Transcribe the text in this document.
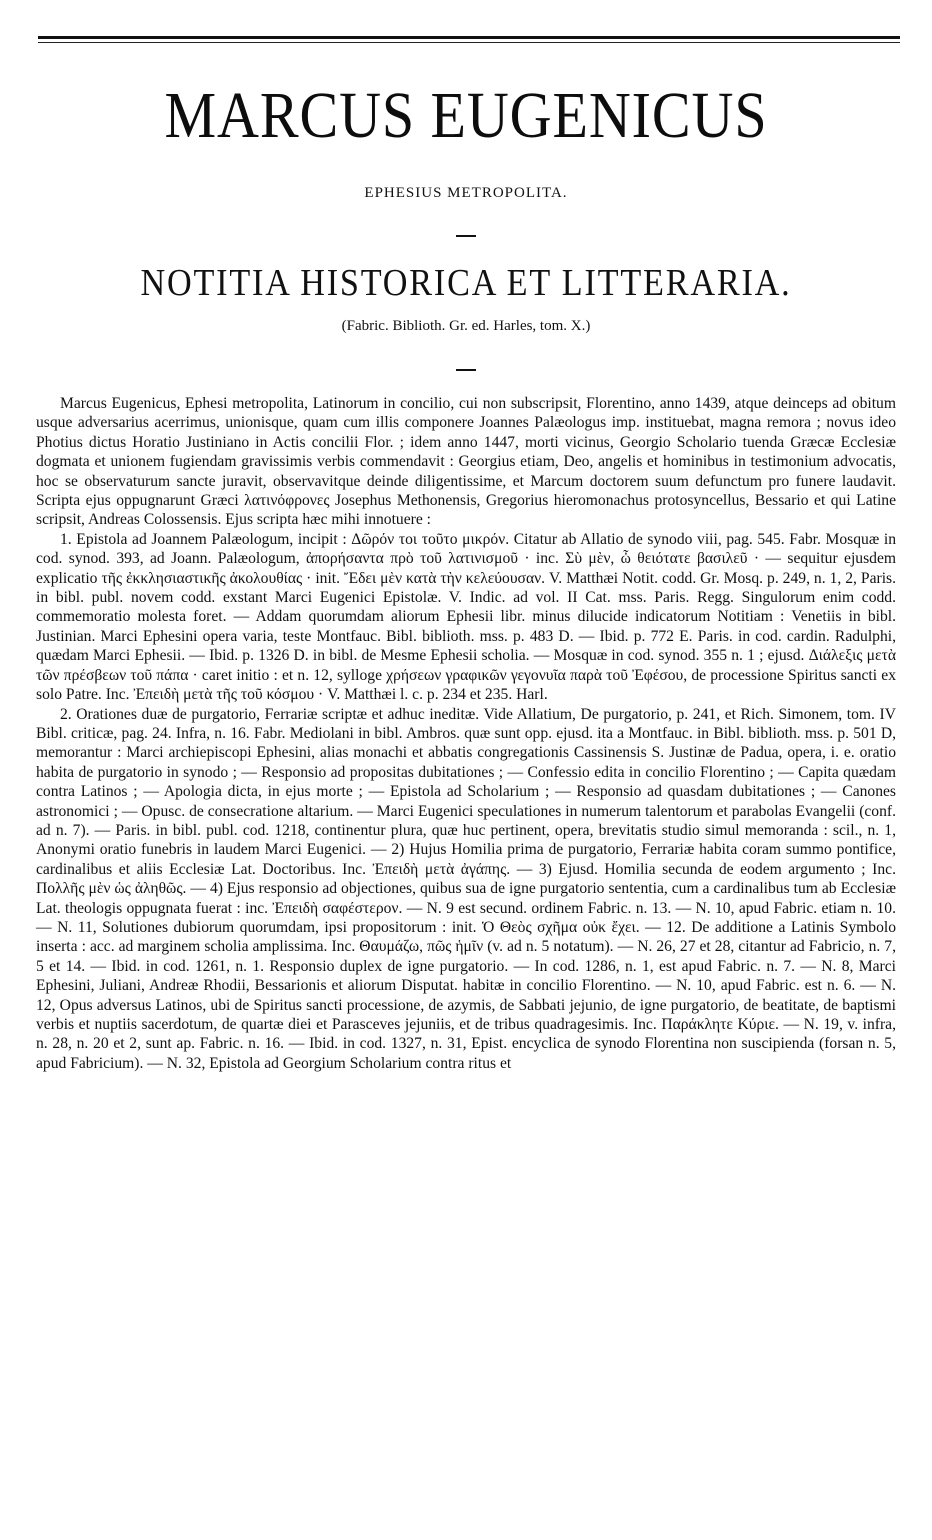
MARCUS EUGENICUS
EPHESIUS METROPOLITA.
NOTITIA HISTORICA ET LITTERARIA.
(Fabric. Biblioth. Gr. ed. Harles, tom. X.)

Marcus Eugenicus, Ephesi metropolita, Latinorum in concilio, cui non subscripsit, Florentino, anno 1439, atque deinceps ad obitum usque adversarius acerrimus, unionisque, quam cum illis componere Joannes Palæologus imp. instituebat, magna remora ; novus ideo Photius dictus Horatio Justiniano in Actis concilii Flor. ; idem anno 1447, morti vicinus, Georgio Scholario tuenda Græcæ Ecclesiæ dogmata et unionem fugiendam gravissimis verbis commendavit : Georgius etiam, Deo, angelis et hominibus in testimonium advocatis, hoc se observaturum sancte juravit, observavitque deinde diligentissime, et Marcum doctorem suum defunctum pro funere laudavit. Scripta ejus oppugnarunt Græci λατινόφρονες Josephus Methonensis, Gregorius hieromonachus protosyncellus, Bessario et qui Latine scripsit, Andreas Colossensis. Ejus scripta hæc mihi innotuere :

1. Epistola ad Joannem Palæologum, incipit : Δῶρόν τοι τοῦτο μικρόν. Citatur ab Allatio de synodo viii, pag. 545. Fabr. Mosquæ in cod. synod. 393, ad Joann. Palæologum, ἀπορήσαντα πρὸ τοῦ λατινισμοῦ · inc. Σὺ μὲν, ὦ θειότατε βασιλεῦ · — sequitur ejusdem explicatio τῆς ἐκκλησιαστικῆς ἀκολουθίας · init. Ἔδει μὲν κατὰ τὴν κελεύουσαν. V. Matthæi Notit. codd. Gr. Mosq. p. 249, n. 1, 2, Paris. in bibl. publ. novem codd. exstant Marci Eugenici Epistolæ. V. Indic. ad vol. II Cat. mss. Paris. Regg. Singulorum enim codd. commemoratio molesta foret. — Addam quorumdam aliorum Ephesii libr. minus dilucide indicatorum Notitiam : Venetiis in bibl. Justinian. Marci Ephesini opera varia, teste Montfauc. Bibl. biblioth. mss. p. 483 D. — Ibid. p. 772 E. Paris. in cod. cardin. Radulphi, quædam Marci Ephesii. — Ibid. p. 1326 D. in bibl. de Mesme Ephesii scholia. — Mosquæ in cod. synod. 355 n. 1 ; ejusd. Διάλεξις μετὰ τῶν πρέσβεων τοῦ πάπα · caret initio : et n. 12, sylloge χρήσεων γραφικῶν γεγονυῖα παρὰ τοῦ Ἐφέσου, de processione Spiritus sancti ex solo Patre. Inc. Ἐπειδὴ μετὰ τῆς τοῦ κόσμου · V. Matthæi l. c. p. 234 et 235. Harl.

2. Orationes duæ de purgatorio, Ferrariæ scriptæ et adhuc ineditæ. Vide Allatium, De purgatorio, p. 241, et Rich. Simonem, tom. IV Bibl. criticæ, pag. 24. Infra, n. 16. Fabr. Mediolani in bibl. Ambros. quæ sunt opp. ejusd. ita a Montfauc. in Bibl. biblioth. mss. p. 501 D, memorantur : Marci archiepiscopi Ephesini, alias monachi et abbatis congregationis Cassinensis S. Justinæ de Padua, opera, i. e. oratio habita de purgatorio in synodo ; — Responsio ad propositas dubitationes ; — Confessio edita in concilio Florentino ; — Capita quædam contra Latinos ; — Apologia dicta, in ejus morte ; — Epistola ad Scholarium ; — Responsio ad quasdam dubitationes ; — Canones astronomici ; — Opusc. de consecratione altarium. — Marci Eugenici speculationes in numerum talentorum et parabolas Evangelii (conf. ad n. 7). — Paris. in bibl. publ. cod. 1218, continentur plura, quæ huc pertinent, opera, brevitatis studio simul memoranda : scil., n. 1, Anonymi oratio funebris in laudem Marci Eugenici. — 2) Hujus Homilia prima de purgatorio, Ferrariæ habita coram summo pontifice, cardinalibus et aliis Ecclesiæ Lat. Doctoribus. Inc. Ἐπειδὴ μετὰ ἀγάπης. — 3) Ejusd. Homilia secunda de eodem argumento ; Inc. Πολλῆς μὲν ὡς ἀληθῶς. — 4) Ejus responsio ad objectiones, quibus sua de igne purgatorio sententia, cum a cardinalibus tum ab Ecclesiæ Lat. theologis oppugnata fuerat : inc. Ἐπειδὴ σαφέστερον. — N. 9 est secund. ordinem Fabric. n. 13. — N. 10, apud Fabric. etiam n. 10. — N. 11, Solutiones dubiorum quorumdam, ipsi propositorum : init. Ὁ Θεὸς σχῆμα οὐκ ἔχει. — 12. De additione a Latinis Symbolo inserta : acc. ad marginem scholia amplissima. Inc. Θαυμάζω, πῶς ἡμῖν (v. ad n. 5 notatum). — N. 26, 27 et 28, citantur ad Fabricio, n. 7, 5 et 14. — Ibid. in cod. 1261, n. 1. Responsio duplex de igne purgatorio. — In cod. 1286, n. 1, est apud Fabric. n. 7. — N. 8, Marci Ephesini, Juliani, Andreæ Rhodii, Bessarionis et aliorum Disputat. habitæ in concilio Florentino. — N. 10, apud Fabric. est n. 6. — N. 12, Opus adversus Latinos, ubi de Spiritus sancti processione, de azymis, de Sabbati jejunio, de igne purgatorio, de beatitate, de baptismi verbis et nuptiis sacerdotum, de quartæ diei et Parasceves jejuniis, et de tribus quadragesimis. Inc. Παράκλητε Κύριε. — N. 19, v. infra, n. 28, n. 20 et 2, sunt ap. Fabric. n. 16. — Ibid. in cod. 1327, n. 31, Epist. encyclica de synodo Florentina non suscipienda (forsan n. 5, apud Fabricium). — N. 32, Epistola ad Georgium Scholarium contra ritus et
